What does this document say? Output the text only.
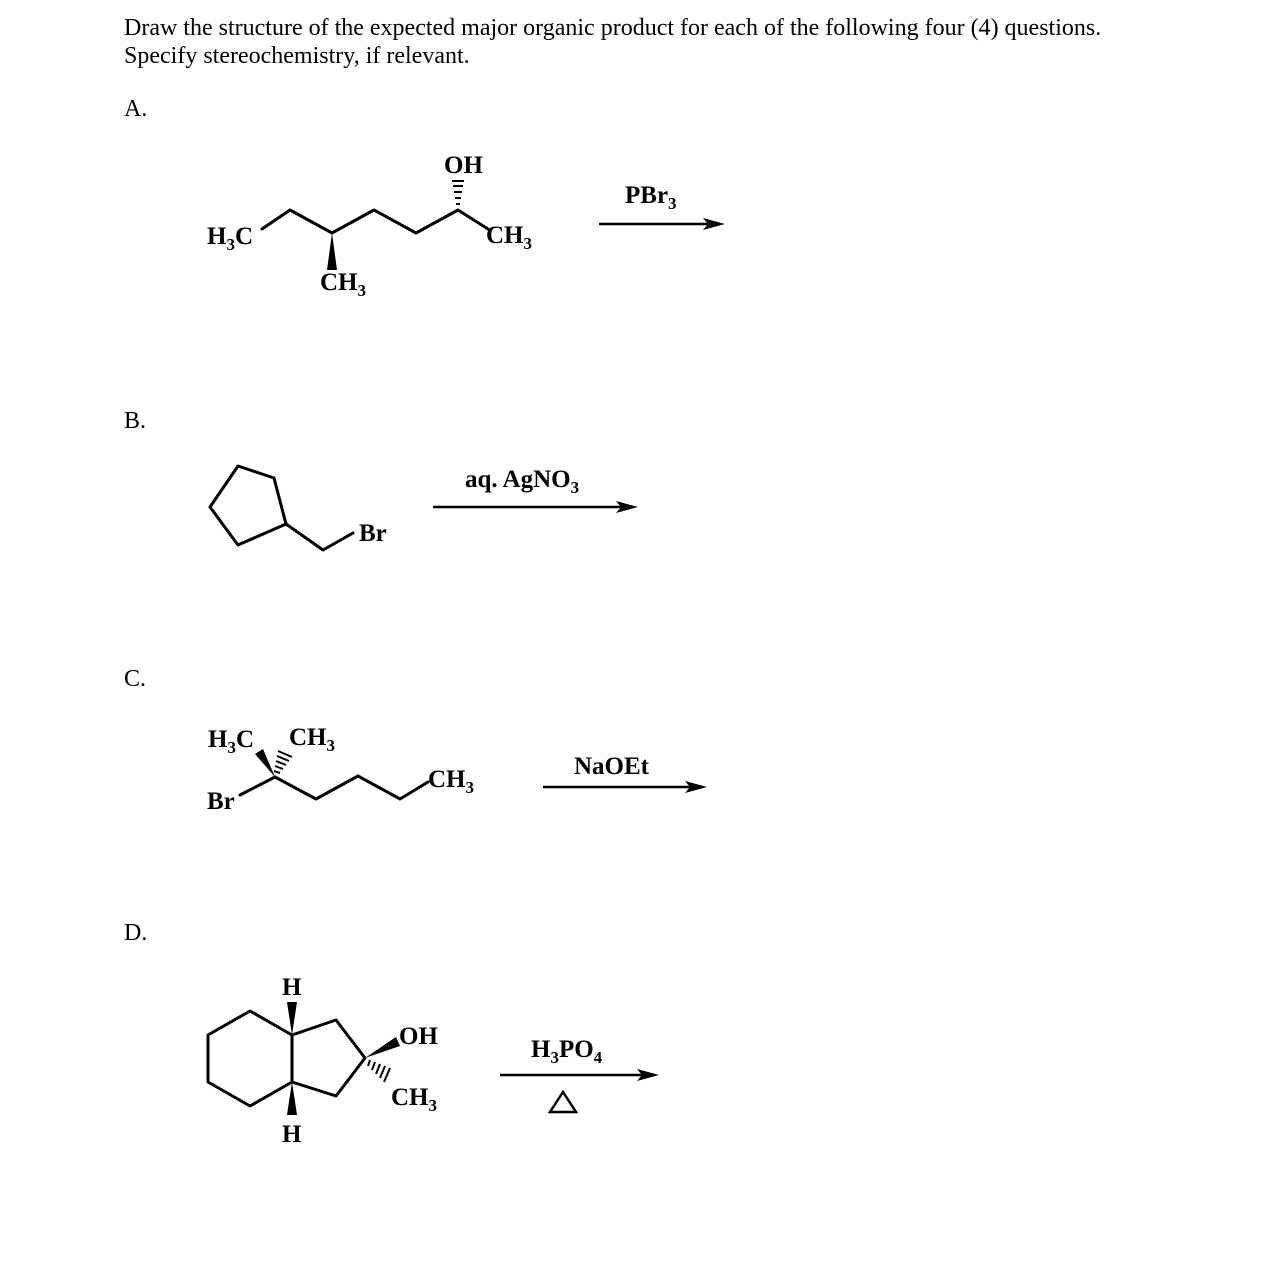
Draw the structure of the expected major organic product for each of the following four (4) questions.
Specify stereochemistry, if relevant.
A.
B.
C.
D.
$H_3C$
$CH_3$
OH
$CH_3$
PBr$_3$
Br
aq. AgNO$_3$
$H_3C$ $CH_3$
Br
$CH_3$
NaOEt
H
H
OH
$CH_3$
$H_3PO_4$
